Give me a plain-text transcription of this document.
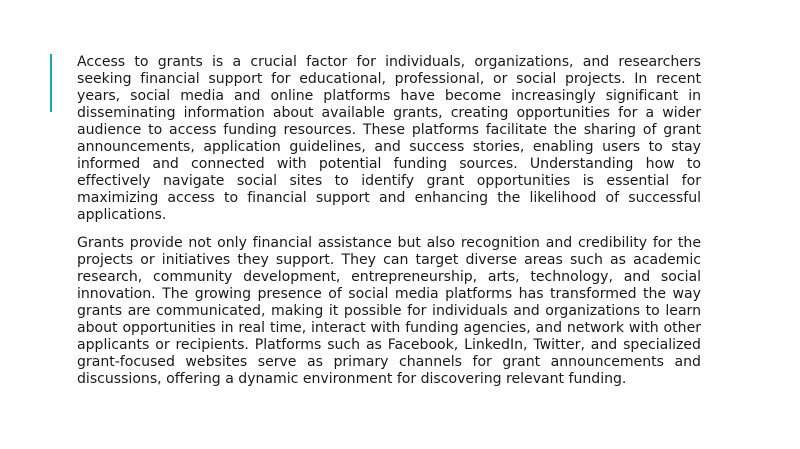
Access to grants is a crucial factor for individuals, organizations, and researchers seeking financial support for educational, professional, or social projects. In recent years, social media and online platforms have become increasingly significant in disseminating information about available grants, creating opportunities for a wider audience to access funding resources. These platforms facilitate the sharing of grant announcements, application guidelines, and success stories, enabling users to stay informed and connected with potential funding sources. Understanding how to effectively navigate social sites to identify grant opportunities is essential for maximizing access to financial support and enhancing the likelihood of successful applications.

Grants provide not only financial assistance but also recognition and credibility for the projects or initiatives they support. They can target diverse areas such as academic research, community development, entrepreneurship, arts, technology, and social innovation. The growing presence of social media platforms has transformed the way grants are communicated, making it possible for individuals and organizations to learn about opportunities in real time, interact with funding agencies, and network with other applicants or recipients. Platforms such as Facebook, LinkedIn, Twitter, and specialized grant-focused websites serve as primary channels for grant announcements and discussions, offering a dynamic environment for discovering relevant funding.
